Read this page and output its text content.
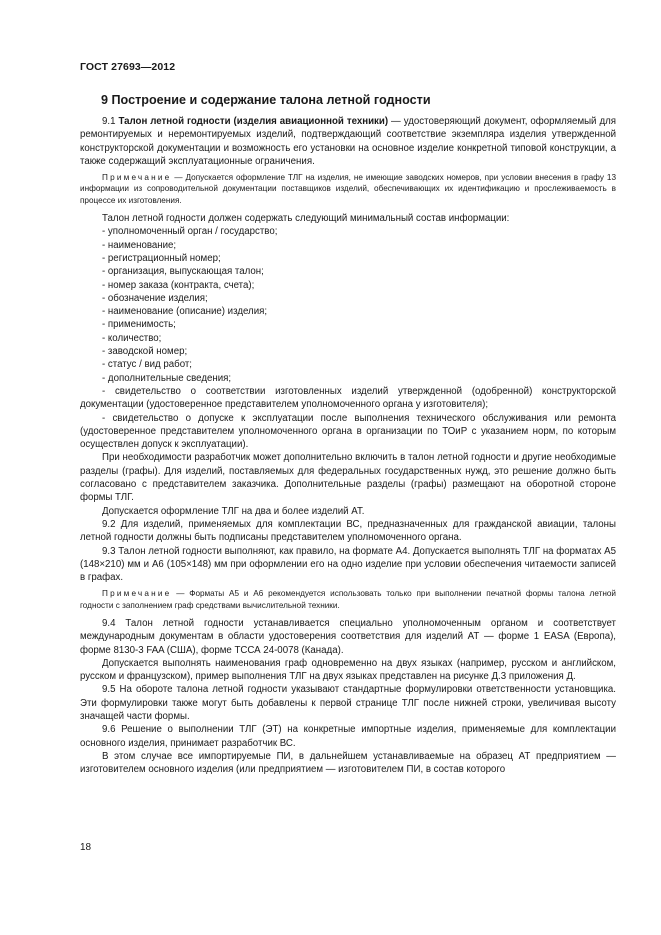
ГОСТ 27693—2012
9 Построение и содержание талона летной годности

9.1 Талон летной годности (изделия авиационной техники) — удостоверяющий документ, оформляемый для ремонтируемых и неремонтируемых изделий, подтверждающий соответствие экземпляра изделия утвержденной конструкторской документации и возможность его установки на основное изделие конкретной типовой конструкции, а также содержащий эксплуатационные ограничения.

Примечание — Допускается оформление ТЛГ на изделия, не имеющие заводских номеров, при условии внесения в графу 13 информации из сопроводительной документации поставщиков изделий, обеспечивающих их идентификацию и прослеживаемость в процессе их изготовления.

Талон летной годности должен содержать следующий минимальный состав информации:

- уполномоченный орган / государство;

- наименование;

- регистрационный номер;

- организация, выпускающая талон;

- номер заказа (контракта, счета);

- обозначение изделия;

- наименование (описание) изделия;

- применимость;

- количество;

- заводской номер;

- статус / вид работ;

- дополнительные сведения;

- свидетельство о соответствии изготовленных изделий утвержденной (одобренной) конструкторской документации (удостоверенное представителем уполномоченного органа у изготовителя);

- свидетельство о допуске к эксплуатации после выполнения технического обслуживания или ремонта (удостоверенное представителем уполномоченного органа в организации по ТОиР с указанием норм, по которым осуществлен допуск к эксплуатации).

При необходимости разработчик может дополнительно включить в талон летной годности и другие необходимые разделы (графы). Для изделий, поставляемых для федеральных государственных нужд, это решение должно быть согласовано с представителем заказчика. Дополнительные разделы (графы) размещают на оборотной стороне формы ТЛГ.

Допускается оформление ТЛГ на два и более изделий АТ.

9.2 Для изделий, применяемых для комплектации ВС, предназначенных для гражданской авиации, талоны летной годности должны быть подписаны представителем уполномоченного органа.

9.3 Талон летной годности выполняют, как правило, на формате А4. Допускается выполнять ТЛГ на форматах А5 (148×210) мм и А6 (105×148) мм при оформлении его на одно изделие при условии обеспечения читаемости записей в графах.

Примечание — Форматы А5 и А6 рекомендуется использовать только при выполнении печатной формы талона летной годности с заполнением граф средствами вычислительной техники.

9.4 Талон летной годности устанавливается специально уполномоченным органом и соответствует международным документам в области удостоверения соответствия для изделий АТ — форме 1 EASA (Европа), форме 8130-3 FAA (США), форме ТССА 24-0078 (Канада).

Допускается выполнять наименования граф одновременно на двух языках (например, русском и английском, русском и французском), пример выполнения ТЛГ на двух языках представлен на рисунке Д.3 приложения Д.

9.5 На обороте талона летной годности указывают стандартные формулировки ответственности установщика. Эти формулировки также могут быть добавлены к первой странице ТЛГ после нижней строки, увеличивая высоту значащей части формы.

9.6 Решение о выполнении ТЛГ (ЭТ) на конкретные импортные изделия, применяемые для комплектации основного изделия, принимает разработчик ВС.

В этом случае все импортируемые ПИ, в дальнейшем устанавливаемые на образец АТ предприятием — изготовителем основного изделия (или предприятием — изготовителем ПИ, в состав которого

18
